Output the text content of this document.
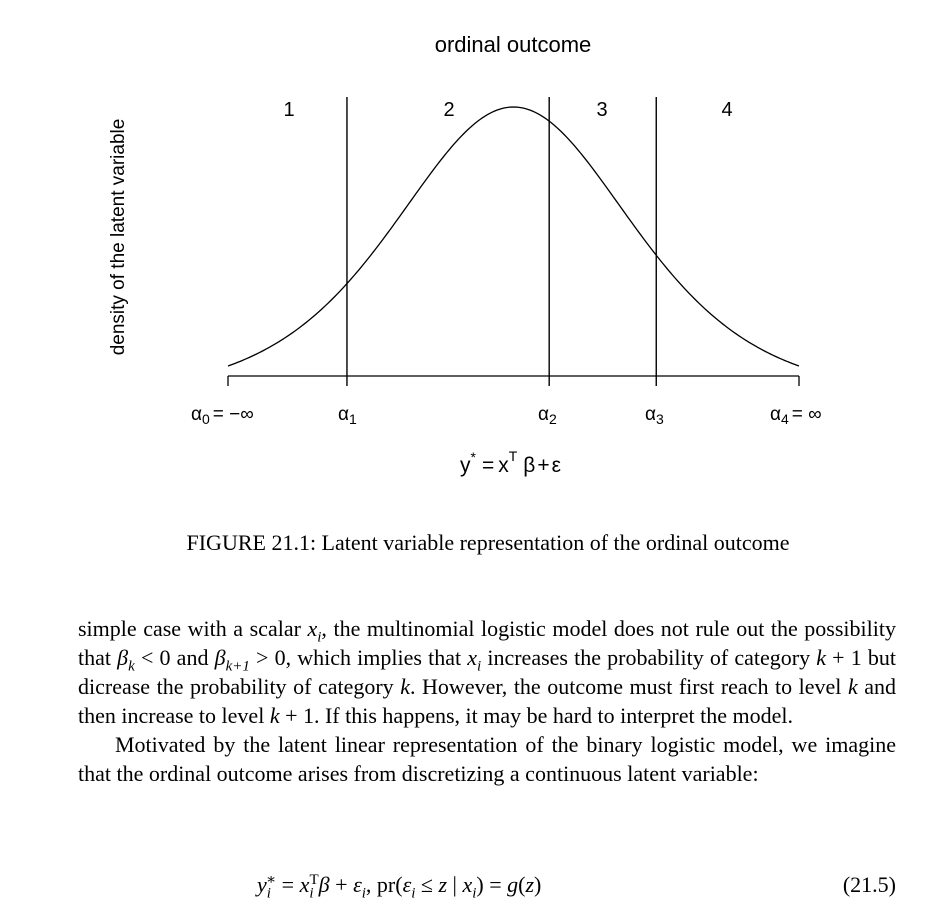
ordinal outcome
density of the latent variable
1	2	3	4
$\alpha_0$ = −∞	$\alpha_1$	$\alpha_2$	$\alpha_3$	$\alpha_4$ = ∞
$y^* = x^T$ β+ε
FIGURE 21.1: Latent variable representation of the ordinal outcome

simple case with a scalar $x_i$, the multinomial logistic model does not rule out the possibility that $\beta_k < 0$ and $\beta_{k+1} > 0$, which implies that $x_i$ increases the probability of category k + 1 but dicrease the probability of category k. However, the outcome must first reach to level k and then increase to level k + 1. If this happens, it may be hard to interpret the model.

Motivated by the latent linear representation of the binary logistic model, we imagine that the ordinal outcome arises from discretizing a continuous latent variable:

$y_i^∗ = x_i^T\beta + \varepsilon_i$, $pr(\varepsilon_i \le z$ | $x_i) = g(z)$	(21.5)
